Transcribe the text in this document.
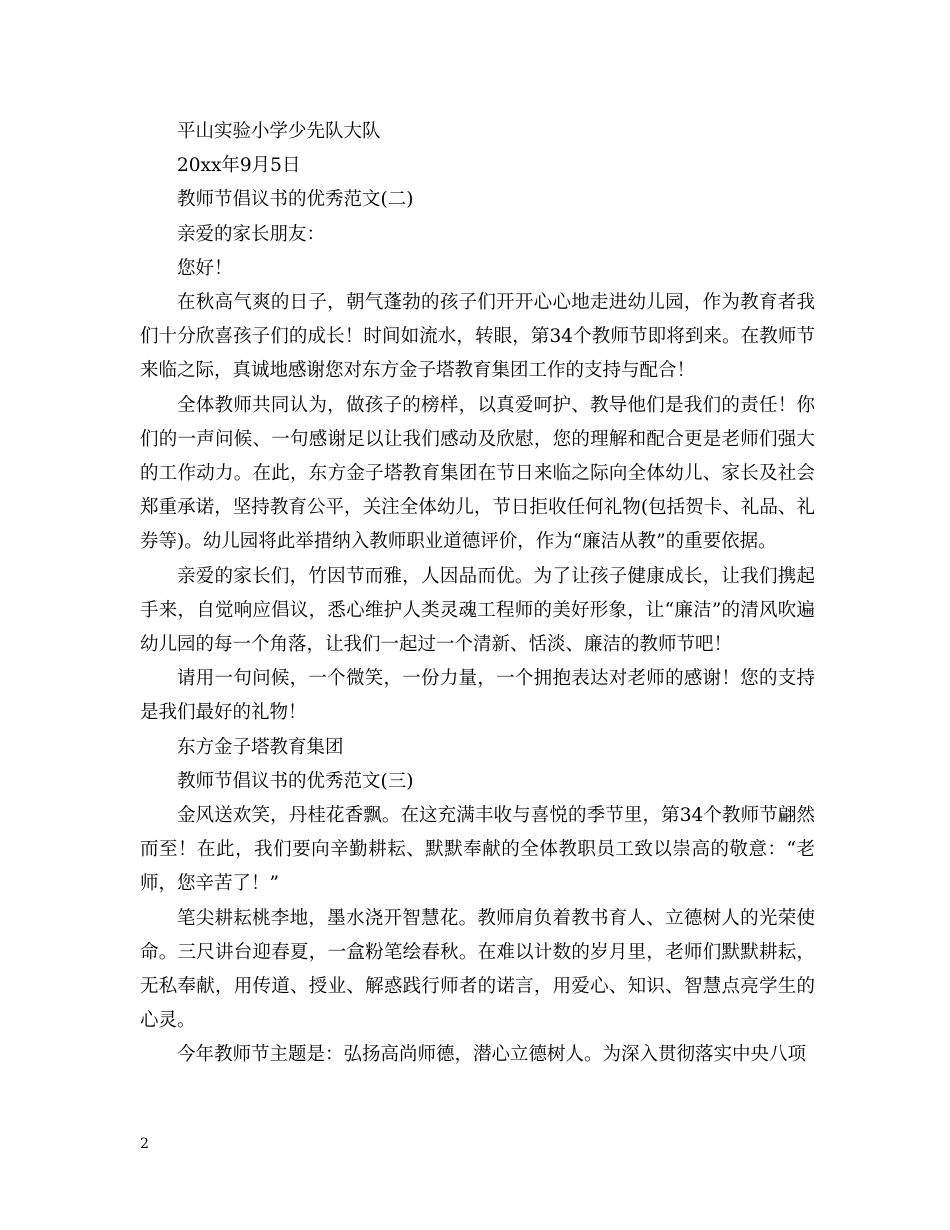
平山实验小学少先队大队

20xx年9月5日

教师节倡议书的优秀范文(二)

亲爱的家长朋友：

您好！

在秋高气爽的日子，朝气蓬勃的孩子们开开心心地走进幼儿园，作为教育者我们十分欣喜孩子们的成长！时间如流水，转眼，第34个教师节即将到来。在教师节来临之际，真诚地感谢您对东方金子塔教育集团工作的支持与配合！

全体教师共同认为，做孩子的榜样，以真爱呵护、教导他们是我们的责任！你们的一声问候、一句感谢足以让我们感动及欣慰，您的理解和配合更是老师们强大的工作动力。在此，东方金子塔教育集团在节日来临之际向全体幼儿、家长及社会郑重承诺，坚持教育公平，关注全体幼儿，节日拒收任何礼物(包括贺卡、礼品、礼券等)。幼儿园将此举措纳入教师职业道德评价，作为“廉洁从教”的重要依据。

亲爱的家长们，竹因节而雅，人因品而优。为了让孩子健康成长，让我们携起手来，自觉响应倡议，悉心维护人类灵魂工程师的美好形象，让“廉洁”的清风吹遍幼儿园的每一个角落，让我们一起过一个清新、恬淡、廉洁的教师节吧！

请用一句问候，一个微笑，一份力量，一个拥抱表达对老师的感谢！您的支持是我们最好的礼物！

东方金子塔教育集团

教师节倡议书的优秀范文(三)

金风送欢笑，丹桂花香飘。在这充满丰收与喜悦的季节里，第34个教师节翩然而至！在此，我们要向辛勤耕耘、默默奉献的全体教职员工致以崇高的敬意：“老师，您辛苦了！”

笔尖耕耘桃李地，墨水浇开智慧花。教师肩负着教书育人、立德树人的光荣使命。三尺讲台迎春夏，一盒粉笔绘春秋。在难以计数的岁月里，老师们默默耕耘，无私奉献，用传道、授业、解惑践行师者的诺言，用爱心、知识、智慧点亮学生的心灵。

今年教师节主题是：弘扬高尚师德，潜心立德树人。为深入贯彻落实中央八项

2
